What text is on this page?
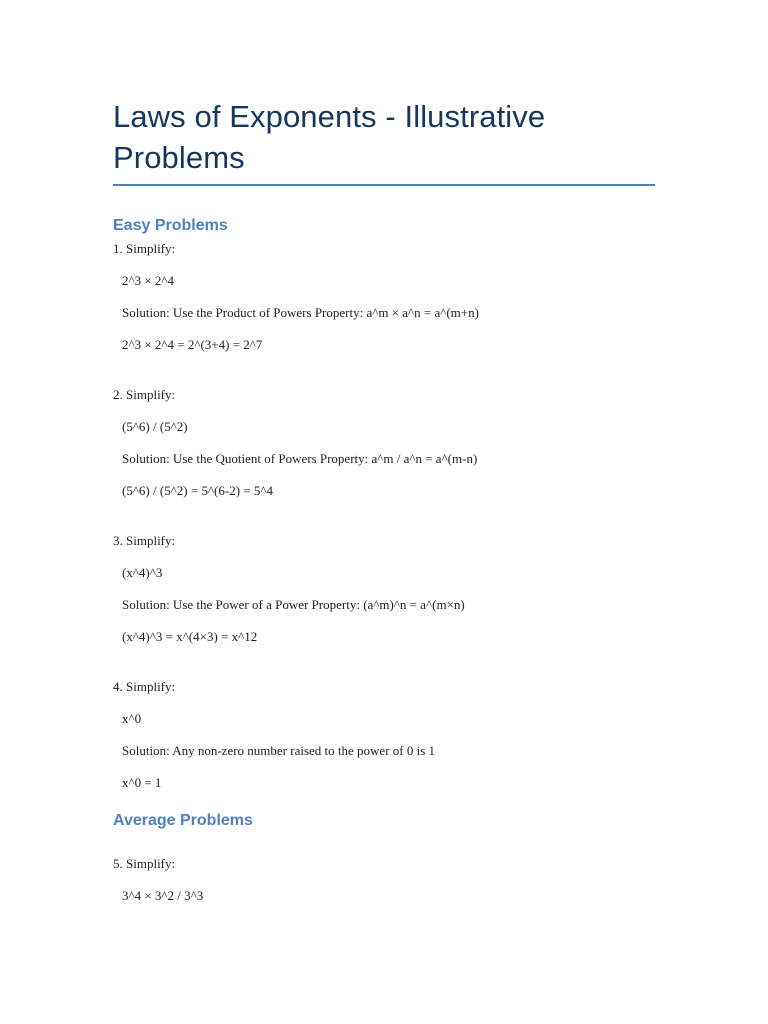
Laws of Exponents - Illustrative Problems
Easy Problems

1. Simplify:

2^3 × 2^4

Solution: Use the Product of Powers Property: a^m × a^n = a^(m+n)

2^3 × 2^4 = 2^(3+4) = 2^7

2. Simplify:

(5^6) / (5^2)

Solution: Use the Quotient of Powers Property: a^m / a^n = a^(m-n)

(5^6) / (5^2) = 5^(6-2) = 5^4

3. Simplify:

(x^4)^3

Solution: Use the Power of a Power Property: (a^m)^n = a^(m×n)

(x^4)^3 = x^(4×3) = x^12

4. Simplify:

x^0

Solution: Any non-zero number raised to the power of 0 is 1

x^0 = 1

Average Problems

5. Simplify:

3^4 × 3^2 / 3^3
